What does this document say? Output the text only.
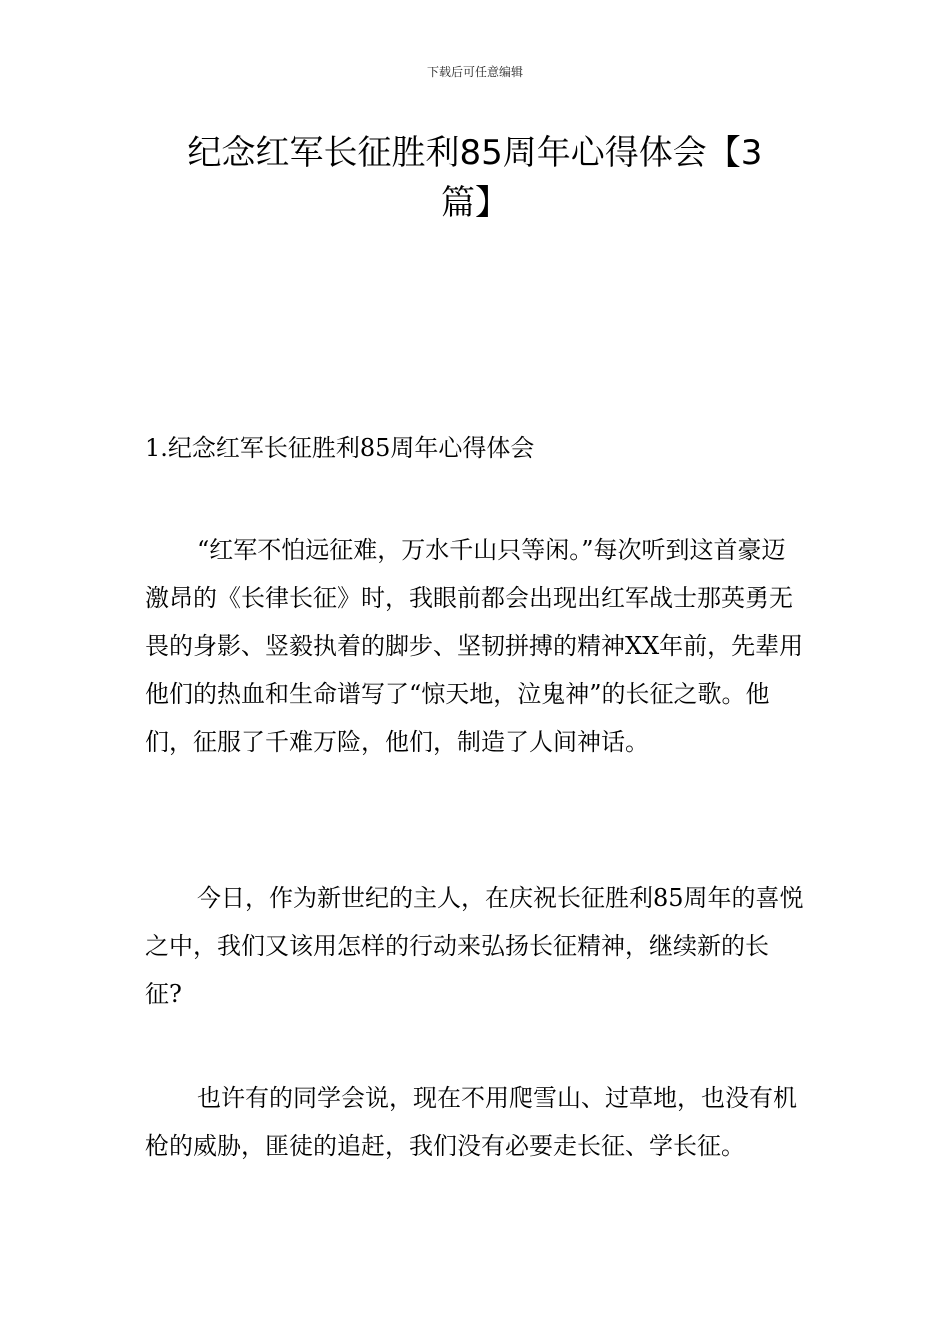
下载后可任意编辑
纪念红军长征胜利85周年心得体会【3篇】
1.纪念红军长征胜利85周年心得体会
“红军不怕远征难，万水千山只等闲。”每次听到这首豪迈激昂的《长律长征》时，我眼前都会出现出红军战士那英勇无畏的身影、竖毅执着的脚步、坚韧拼搏的精神XX年前，先辈用他们的热血和生命谱写了“惊天地，泣鬼神”的长征之歌。他们，征服了千难万险，他们，制造了人间神话。
今日，作为新世纪的主人，在庆祝长征胜利85周年的喜悦之中，我们又该用怎样的行动来弘扬长征精神，继续新的长征?
也许有的同学会说，现在不用爬雪山、过草地，也没有机枪的威胁，匪徒的追赶，我们没有必要走长征、学长征。
